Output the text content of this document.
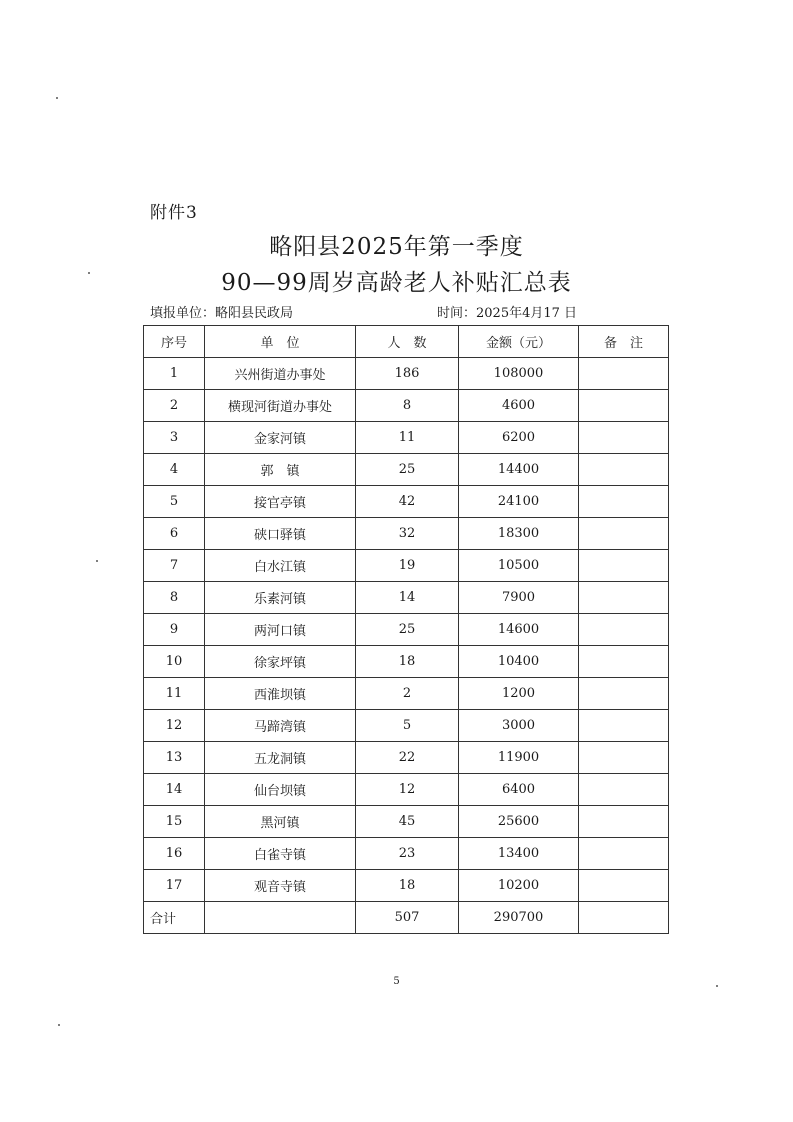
附件3
略阳县2025年第一季度
90—99周岁高龄老人补贴汇总表
填报单位：略阳县民政局	时间：2025年4月17 日
序号	单　位	人　数	金额（元）	备　注
1	兴州街道办事处	186	108000	
2	横现河街道办事处	8	4600	
3	金家河镇	11	6200	
4	郭　镇	25	14400	
5	接官亭镇	42	24100	
6	硖口驿镇	32	18300	
7	白水江镇	19	10500	
8	乐素河镇	14	7900	
9	两河口镇	25	14600	
10	徐家坪镇	18	10400	
11	西淮坝镇	2	1200	
12	马蹄湾镇	5	3000	
13	五龙洞镇	22	11900	
14	仙台坝镇	12	6400	
15	黑河镇	45	25600	
16	白雀寺镇	23	13400	
17	观音寺镇	18	10200	
合计		507	290700	
5
